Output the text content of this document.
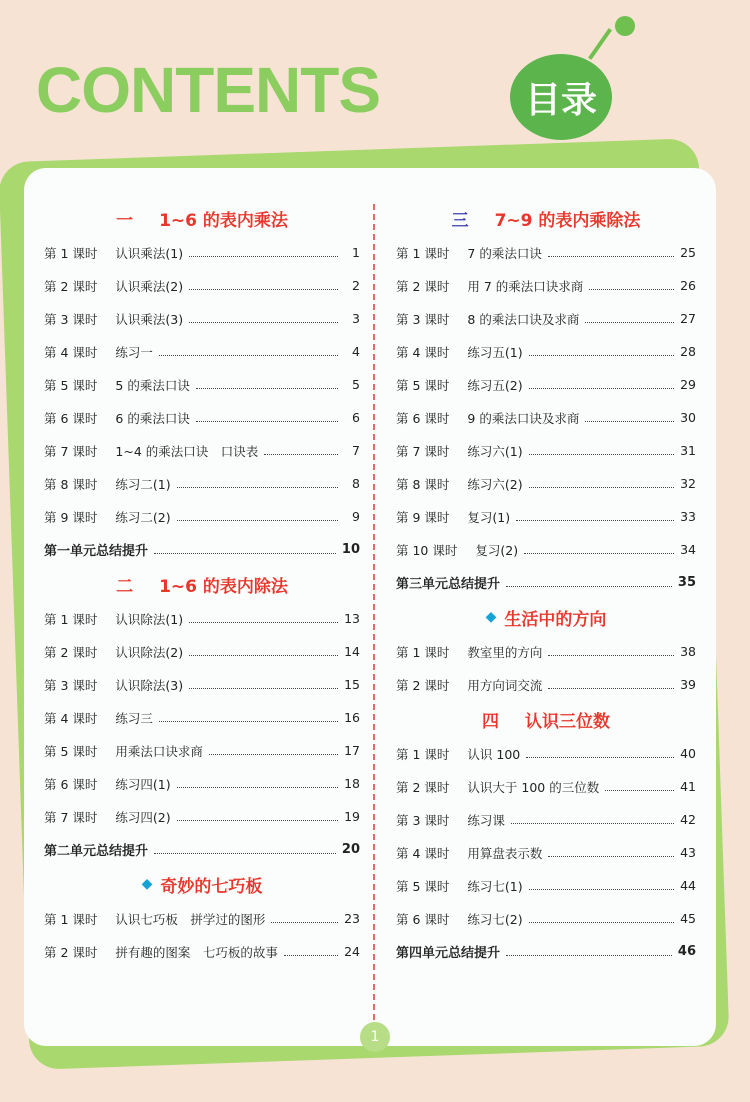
CONTENTS	目录
一 1~6 的表内乘法
第 1 课时 认识乘法(1)	1
第 2 课时 认识乘法(2)	2
第 3 课时 认识乘法(3)	3
第 4 课时 练习一	4
第 5 课时 5 的乘法口诀	5
第 6 课时 6 的乘法口诀	6
第 7 课时 1~4 的乘法口诀　口诀表	7
第 8 课时 练习二(1)	8
第 9 课时 练习二(2)	9
第一单元总结提升	10
二 1~6 的表内除法
第 1 课时 认识除法(1)	13
第 2 课时 认识除法(2)	14
第 3 课时 认识除法(3)	15
第 4 课时 练习三	16
第 5 课时 用乘法口诀求商	17
第 6 课时 练习四(1)	18
第 7 课时 练习四(2)	19
第二单元总结提升	20
◆ 奇妙的七巧板
第 1 课时 认识七巧板　拼学过的图形	23
第 2 课时 拼有趣的图案　七巧板的故事	24
三 7~9 的表内乘除法
第 1 课时 7 的乘法口诀	25
第 2 课时 用 7 的乘法口诀求商	26
第 3 课时 8 的乘法口诀及求商	27
第 4 课时 练习五(1)	28
第 5 课时 练习五(2)	29
第 6 课时 9 的乘法口诀及求商	30
第 7 课时 练习六(1)	31
第 8 课时 练习六(2)	32
第 9 课时 复习(1)	33
第 10 课时 复习(2)	34
第三单元总结提升	35
◆ 生活中的方向
第 1 课时 教室里的方向	38
第 2 课时 用方向词交流	39
四 认识三位数
第 1 课时 认识 100	40
第 2 课时 认识大于 100 的三位数	41
第 3 课时 练习课	42
第 4 课时 用算盘表示数	43
第 5 课时 练习七(1)	44
第 6 课时 练习七(2)	45
第四单元总结提升	46
1
